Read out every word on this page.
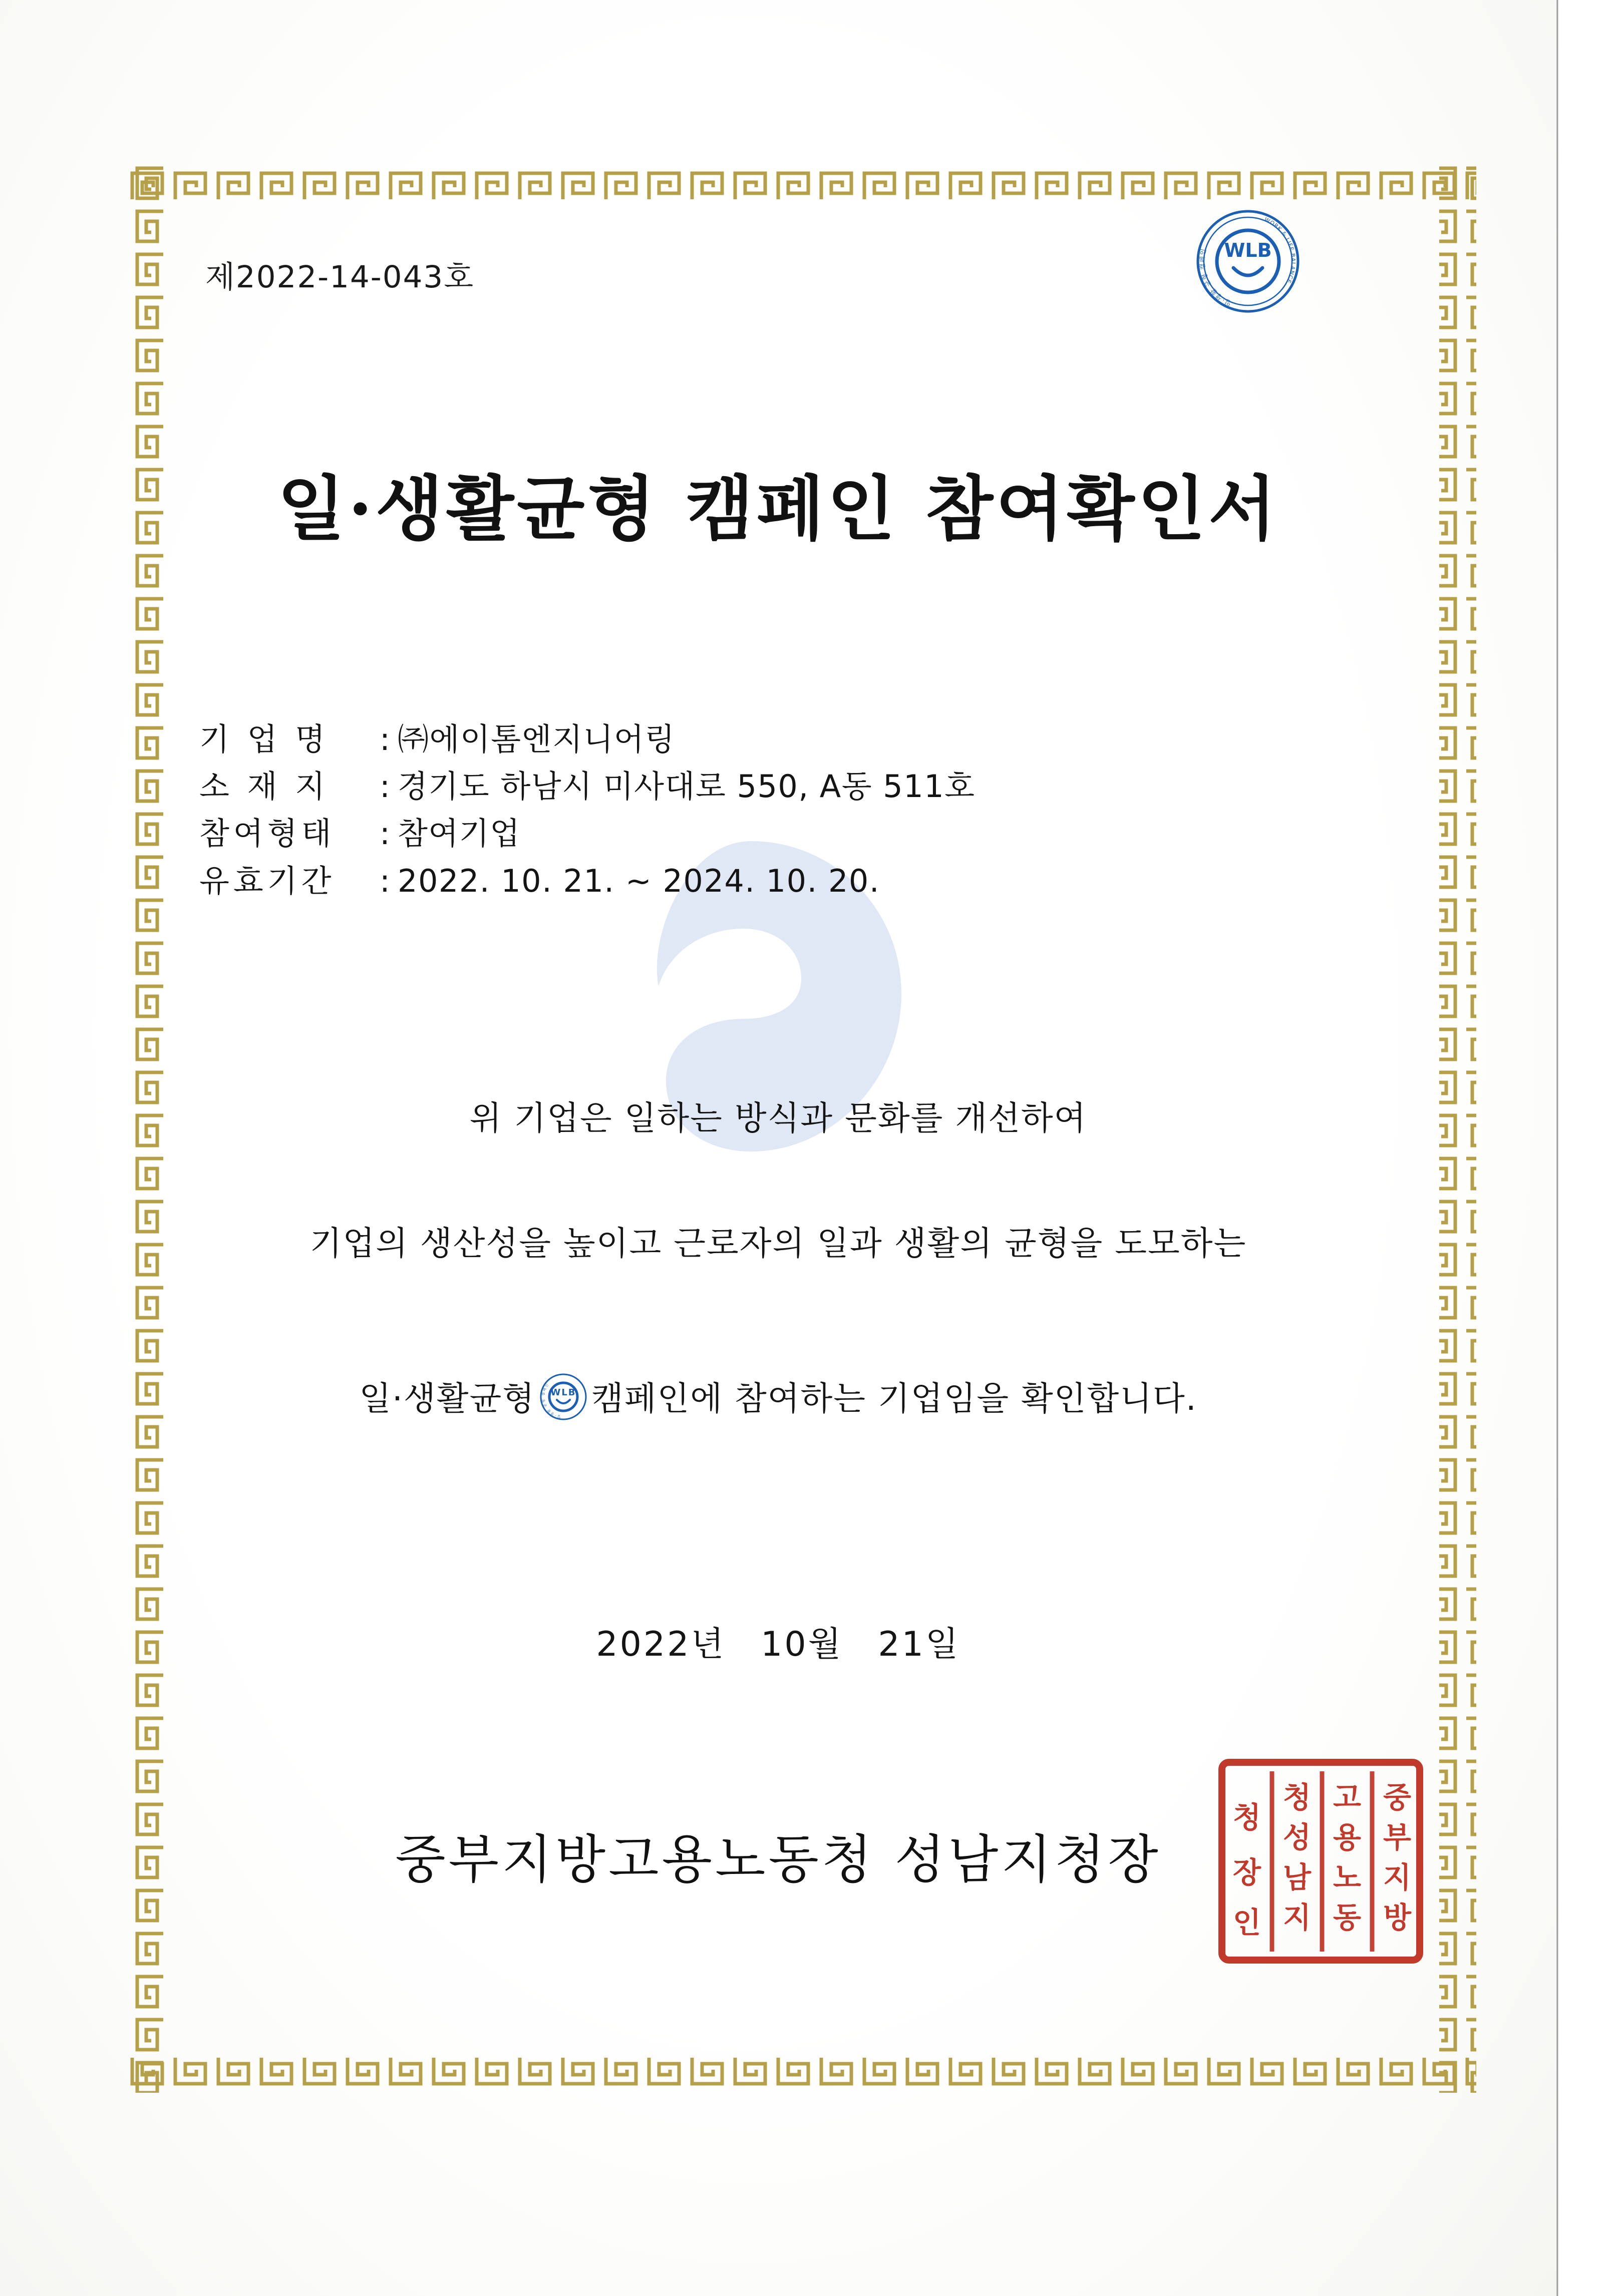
제2022-14-043호
WLB
일·생활 균형 캠페인
WORK & LIFE BALANCE
일·생활균형 캠페인 참여확인서
기 업 명	: ㈜에이톰엔지니어링
소 재 지	: 경기도 하남시 미사대로 550, A동 511호
참여형태	: 참여기업
유효기간	: 2022. 10. 21. ~ 2024. 10. 20.
위 기업은 일하는 방식과 문화를 개선하여
기업의 생산성을 높이고 근로자의 일과 생활의 균형을 도모하는
일·생활균형 WLB
일·생활 균형 캠페인	캠페인에 참여하는 기업임을 확인합니다.
2022년 10월 21일
중부지방고용노동청 성남지청장
중
부
지
방
고
용
노
동
청
성
남
지
청
장
인
